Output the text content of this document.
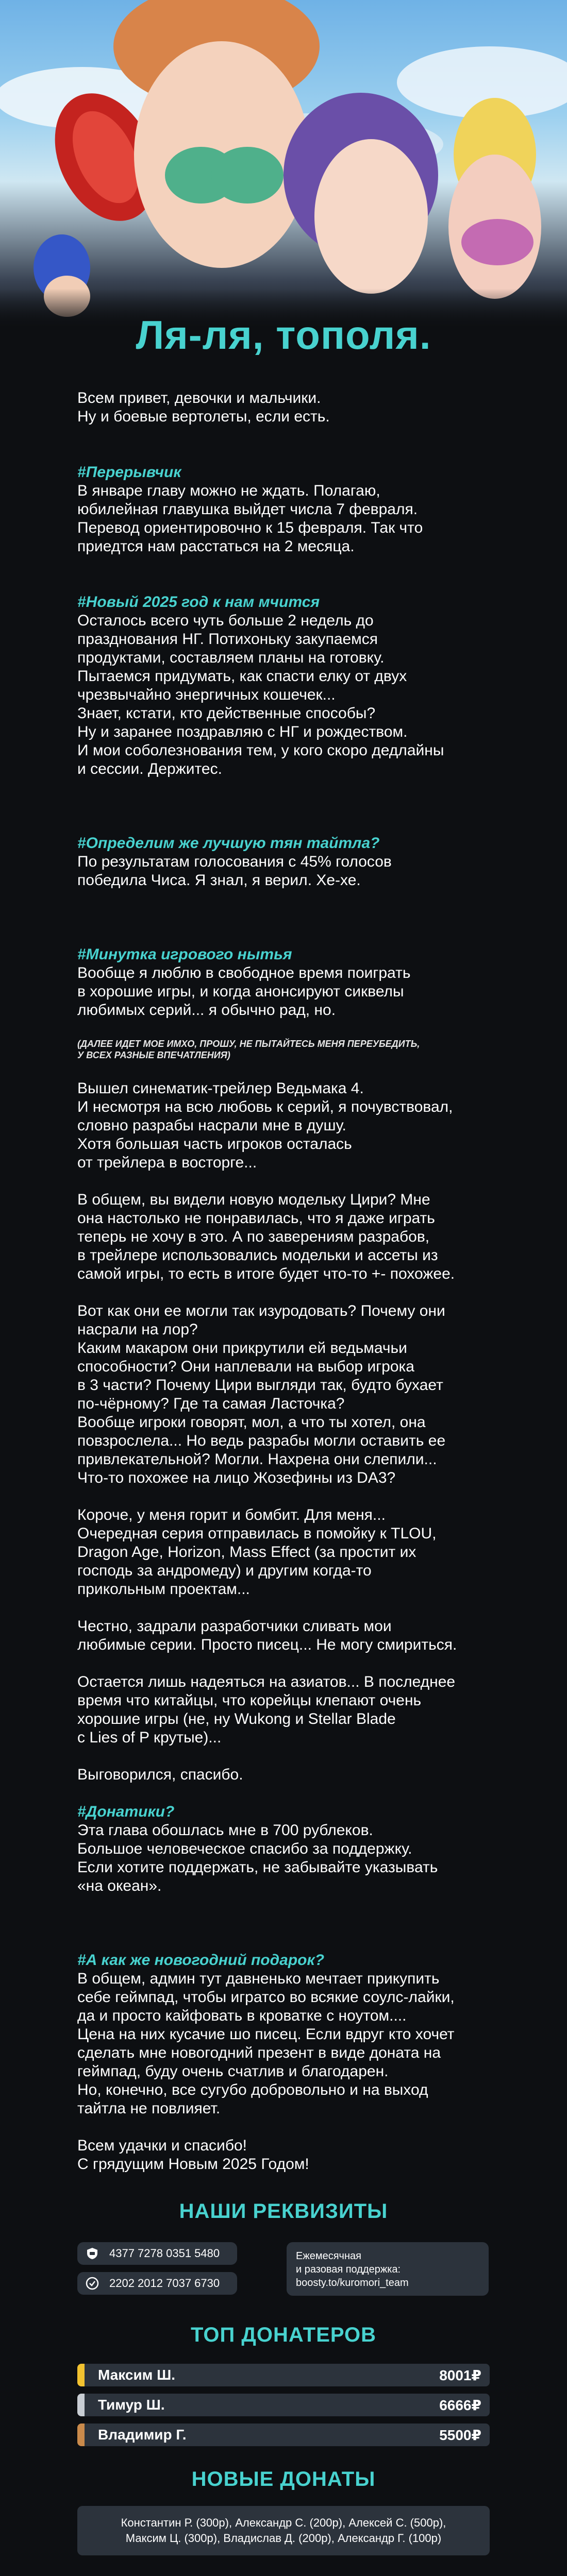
Ля-ля, тополя.

Всем привет, девочки и мальчики.

Ну и боевые вертолеты, если есть.

#Перерывчик

В январе главу можно не ждать. Полагаю,

юбилейная главушка выйдет числа 7 февраля.

Перевод ориентировочно к 15 февраля. Так что

приедтся нам расстаться на 2 месяца.

#Новый 2025 год к нам мчится

Осталось всего чуть больше 2 недель до

празднования НГ. Потихоньку закупаемся

продуктами, составляем планы на готовку.

Пытаемся придумать, как спасти елку от двух

чрезвычайно энергичных кошечек...

Знает, кстати, кто действенные способы?

Ну и заранее поздравляю с НГ и рождеством.

И мои соболезнования тем, у кого скоро дедлайны

и сессии. Держитес.

#Определим же лучшую тян тайтла?

По результатам голосования с 45% голосов

победила Чиса. Я знал, я верил. Хе-хе.

#Минутка игрового нытья

Вообще я люблю в свободное время поиграть

в хорошие игры, и когда анонсируют сиквелы

любимых серий... я обычно рад, но.

(ДАЛЕЕ ИДЕТ МОЕ ИМХО, ПРОШУ, НЕ ПЫТАЙТЕСЬ МЕНЯ ПЕРЕУБЕДИТЬ,

У ВСЕХ РАЗНЫЕ ВПЕЧАТЛЕНИЯ)

Вышел синематик-трейлер Ведьмака 4.

И несмотря на всю любовь к серий, я почувствовал,

словно разрабы насрали мне в душу.

Хотя большая часть игроков осталась

от трейлера в восторге...

В общем, вы видели новую модельку Цири? Мне

она настолько не понравилась, что я даже играть

теперь не хочу в это. А по заверениям разрабов,

в трейлере использовались модельки и ассеты из

самой игры, то есть в итоге будет что-то +- похожее.

Вот как они ее могли так изуродовать? Почему они

насрали на лор?

Каким макаром они прикрутили ей ведьмачьи

способности? Они наплевали на выбор игрока

в 3 части? Почему Цири выгляди так, будто бухает

по-чёрному? Где та самая Ласточка?

Вообще игроки говорят, мол, а что ты хотел, она

повзрослела... Но ведь разрабы могли оставить ее

привлекательной? Могли. Нахрена они слепили...

Что-то похожее на лицо Жозефины из DA3?

Короче, у меня горит и бомбит. Для меня...

Очередная серия отправилась в помойку к TLOU,

Dragon Age, Horizon, Mass Effect (за простит их

господь за андромеду) и другим когда-то

прикольным проектам...

Честно, задрали разработчики сливать мои

любимые серии. Просто писец... Не могу смириться.

Остается лишь надеяться на азиатов... В последнее

время что китайцы, что корейцы клепают очень

хорошие игры (не, ну Wukong и Stellar Blade

с Lies of P крутые)...

Выговорился, спасибо.

#Донатики?

Эта глава обошлась мне в 700 рублеков.

Большое человеческое спасибо за поддержку.

Если хотите поддержать, не забывайте указывать

«на океан».

#А как же новогодний подарок?

В общем, админ тут давненько мечтает прикупить

себе геймпад, чтобы игратсо во всякие соулс-лайки,

да и просто кайфовать в кроватке с ноутом....

Цена на них кусачие шо писец. Если вдруг кто хочет

сделать мне новогодний презент в виде доната на

геймпад, буду очень счатлив и благодарен.

Но, конечно, все сугубо добровольно и на выход

тайтла не повлияет.

Всем удачки и спасибо!

С грядущим Новым 2025 Годом!

НАШИ РЕКВИЗИТЫ
4377 7278 0351 5480
2202 2012 7037 6730
Ежемесячная
и разовая поддержка:
boosty.to/kuromori_team
ТОП ДОНАТЕРОВ
Максим Ш.	8001₽
Тимур Ш.	6666₽
Владимир Г.	5500₽
НОВЫЕ ДОНАТЫ
Константин Р. (300р), Александр С. (200р), Алексей С. (500р),
Максим Ц. (300р), Владислав Д. (200р), Александр Г. (100р)
